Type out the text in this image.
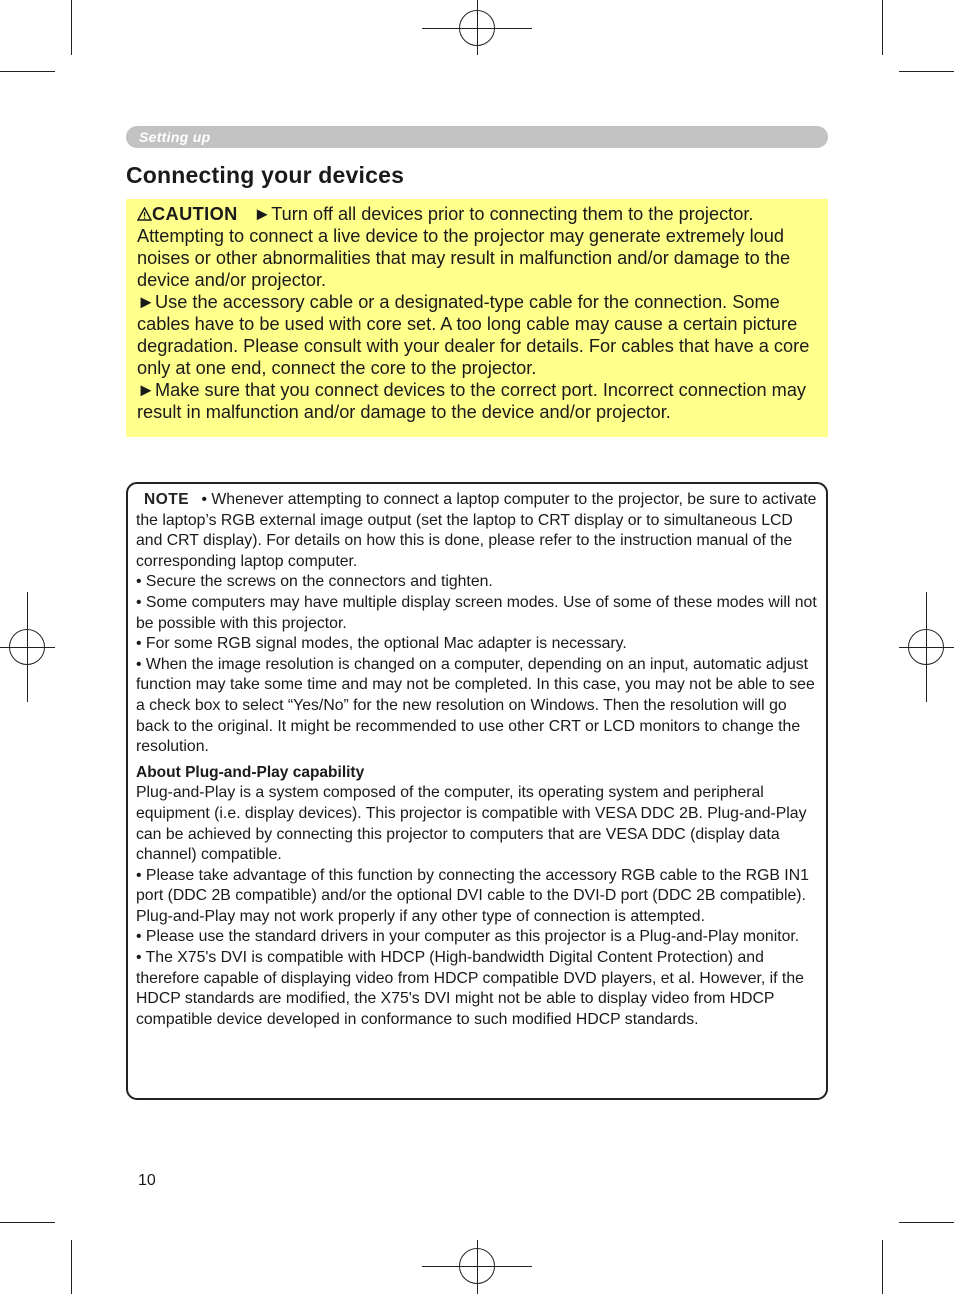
Setting up
Connecting your devices

CAUTION ►Turn off all devices prior to connecting them to the projector. Attempting to connect a live device to the projector may generate extremely loud noises or other abnormalities that may result in malfunction and/or damage to the device and/or projector.

►Use the accessory cable or a designated-type cable for the connection. Some cables have to be used with core set. A too long cable may cause a certain picture degradation. Please consult with your dealer for details. For cables that have a core only at one end, connect the core to the projector.

►Make sure that you connect devices to the correct port. Incorrect connection may result in malfunction and/or damage to the device and/or projector.

NOTE • Whenever attempting to connect a laptop computer to the projector, be sure to activate the laptop’s RGB external image output (set the laptop to CRT display or to simultaneous LCD and CRT display). For details on how this is done, please refer to the instruction manual of the corresponding laptop computer.

• Secure the screws on the connectors and tighten.

• Some computers may have multiple display screen modes. Use of some of these modes will not be possible with this projector.

• For some RGB signal modes, the optional Mac adapter is necessary.

• When the image resolution is changed on a computer, depending on an input, automatic adjust function may take some time and may not be completed. In this case, you may not be able to see a check box to select “Yes/No” for the new resolution on Windows. Then the resolution will go back to the original. It might be recommended to use other CRT or LCD monitors to change the resolution.

About Plug-and-Play capability

Plug-and-Play is a system composed of the computer, its operating system and peripheral equipment (i.e. display devices). This projector is compatible with VESA DDC 2B. Plug-and-Play can be achieved by connecting this projector to computers that are VESA DDC (display data channel) compatible.

• Please take advantage of this function by connecting the accessory RGB cable to the RGB IN1 port (DDC 2B compatible) and/or the optional DVI cable to the DVI-D port (DDC 2B compatible). Plug-and-Play may not work properly if any other type of connection is attempted.

• Please use the standard drivers in your computer as this projector is a Plug-and-Play monitor.

• The X75's DVI is compatible with HDCP (High-bandwidth Digital Content Protection) and therefore capable of displaying video from HDCP compatible DVD players, et al. However, if the HDCP standards are modified, the X75's DVI might not be able to display video from HDCP compatible device developed in conformance to such modified HDCP standards.

10
